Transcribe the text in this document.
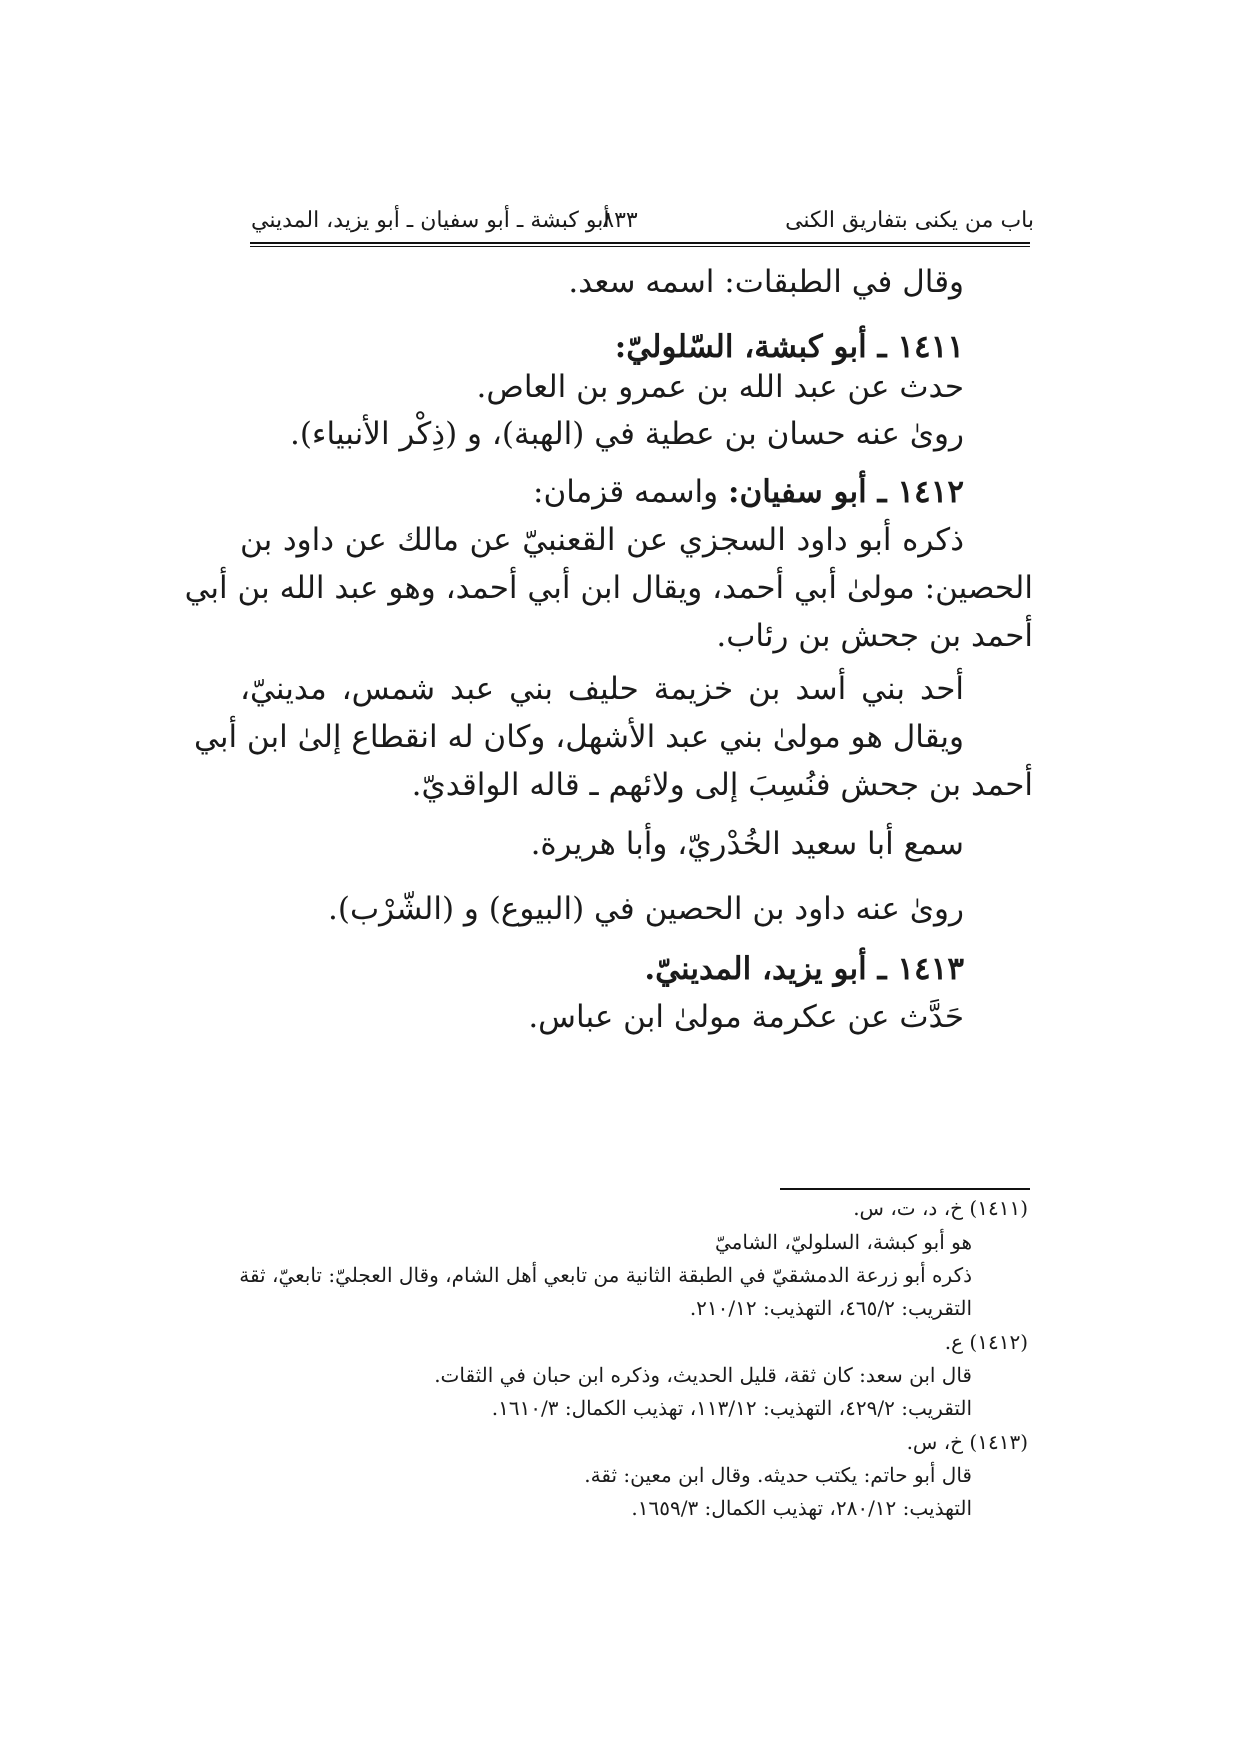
باب من يكنى بتفاريق الكنى
٨٣٣
أبو كبشة ـ أبو سفيان ـ أبو يزيد، المديني
وقال في الطبقات: اسمه سعد.
١٤١١ ـ أبو كبشة، السّلوليّ:
حدث عن عبد الله بن عمرو بن العاص.
روىٰ عنه حسان بن عطية في (الهبة)، و (ذِكْر الأنبياء).
١٤١٢ ـ أبو سفيان: واسمه قزمان:
ذكره أبو داود السجزي عن القعنبيّ عن مالك عن داود بن
الحصين: مولىٰ أبي أحمد، ويقال ابن أبي أحمد، وهو عبد الله بن أبي
أحمد بن جحش بن رئاب.
أحد بني أسد بن خزيمة حليف بني عبد شمس، مدينيّ،
ويقال هو مولىٰ بني عبد الأشهل، وكان له انقطاع إلىٰ ابن أبي
أحمد بن جحش فنُسِبَ إلى ولائهم ـ قاله الواقديّ.
سمع أبا سعيد الخُدْريّ، وأبا هريرة.
روىٰ عنه داود بن الحصين في (البيوع) و (الشّرْب).
١٤١٣ ـ أبو يزيد، المدينيّ.
حَدَّث عن عكرمة مولىٰ ابن عباس.
(١٤١١) خ، د، ت، س.
هو أبو كبشة، السلوليّ، الشاميّ
ذكره أبو زرعة الدمشقيّ في الطبقة الثانية من تابعي أهل الشام، وقال العجليّ: تابعيّ، ثقة
التقريب: ٤٦٥/٢، التهذيب: ٢١٠/١٢.
(١٤١٢) ع.
قال ابن سعد: كان ثقة، قليل الحديث، وذكره ابن حبان في الثقات.
التقريب: ٤٢٩/٢، التهذيب: ١١٣/١٢، تهذيب الكمال: ١٦١٠/٣.
(١٤١٣) خ، س.
قال أبو حاتم: يكتب حديثه. وقال ابن معين: ثقة.
التهذيب: ٢٨٠/١٢، تهذيب الكمال: ١٦٥٩/٣.
